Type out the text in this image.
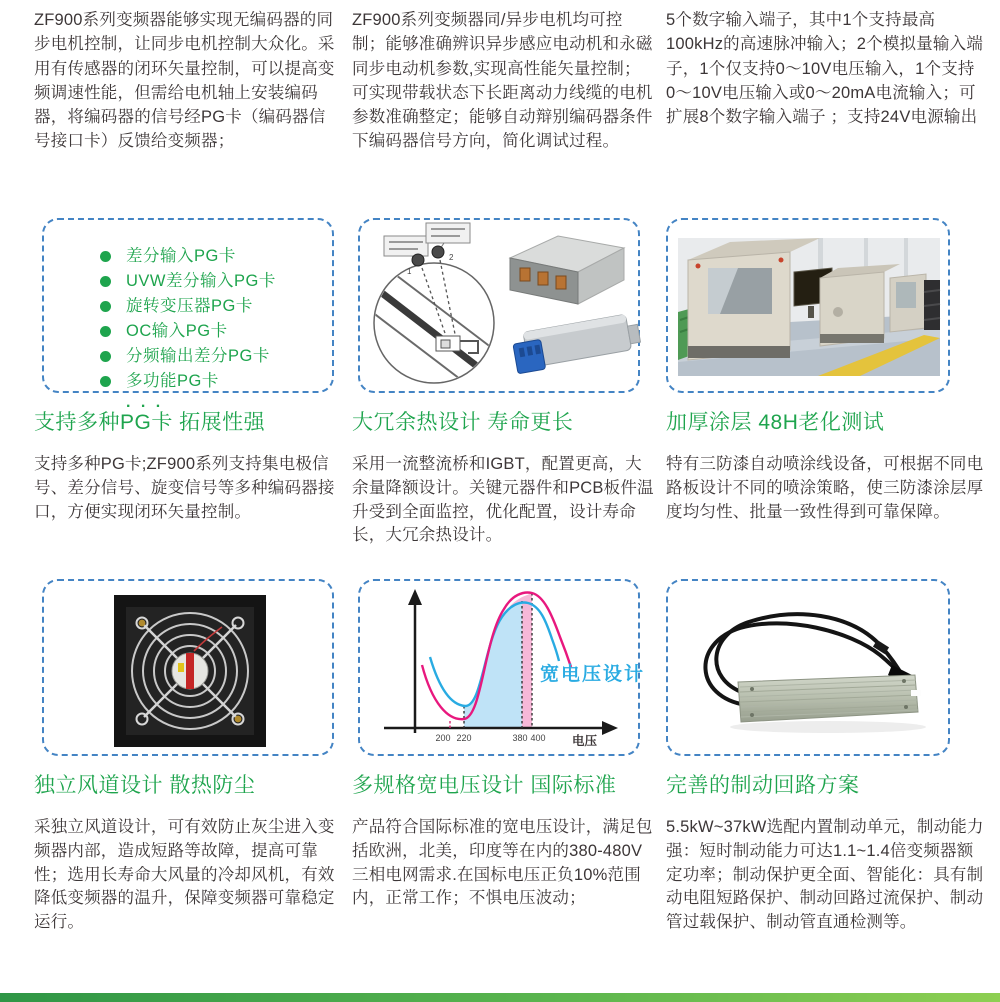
ZF900系列变频器能够实现无编码器的同步电机控制，让同步电机控制大众化。采用有传感器的闭环矢量控制，可以提高变频调速性能，但需给电机轴上安装编码器，将编码器的信号经PG卡（编码器信号接口卡）反馈给变频器；
差分输入PG卡
UVW差分输入PG卡
旋转变压器PG卡
OC输入PG卡
分频输出差分PG卡
多功能PG卡
. . .
支持多种PG卡 拓展性强
支持多种PG卡;ZF900系列支持集电极信号、差分信号、旋变信号等多种编码器接口，方便实现闭环矢量控制。
独立风道设计 散热防尘
采独立风道设计，可有效防止灰尘进入变频器内部，造成短路等故障，提高可靠性；选用长寿命大风量的冷却风机，有效降低变频器的温升，保障变频器可靠稳定运行。
ZF900系列变频器同/异步电机均可控制；能够准确辨识异步感应电动机和永磁同步电动机参数,实现高性能矢量控制；可实现带载状态下长距离动力线缆的电机参数准确整定；能够自动辩别编码器条件下编码器信号方向，简化调试过程。
1
2
大冗余热设计 寿命更长
采用一流整流桥和IGBT，配置更高，大余量降额设计。关键元器件和PCB板件温升受到全面监控，优化配置，设计寿命长，大冗余热设计。
200 220	380 400 电压
宽电压设计
多规格宽电压设计 国际标准
产品符合国际标准的宽电压设计，满足包括欧洲，北美，印度等在内的380-480V 三相电网需求.在国标电压正负10%范围内，正常工作；不惧电压波动；
5个数字输入端子，其中1个支持最高100kHz的高速脉冲输入；2个模拟量输入端子，1个仅支持0〜10V电压输入，1个支持0〜10V电压输入或0〜20mA电流输入；可扩展8个数字输入端子 ；支持24V电源输出
加厚涂层 48H老化测试
特有三防漆自动喷涂线设备，可根据不同电路板设计不同的喷涂策略，使三防漆涂层厚度均匀性、批量一致性得到可靠保障。
完善的制动回路方案
5.5kW~37kW选配内置制动单元，制动能力强：短时制动能力可达1.1~1.4倍变频器额定功率；制动保护更全面、智能化：具有制动电阻短路保护、制动回路过流保护、制动管过载保护、制动管直通检测等。
